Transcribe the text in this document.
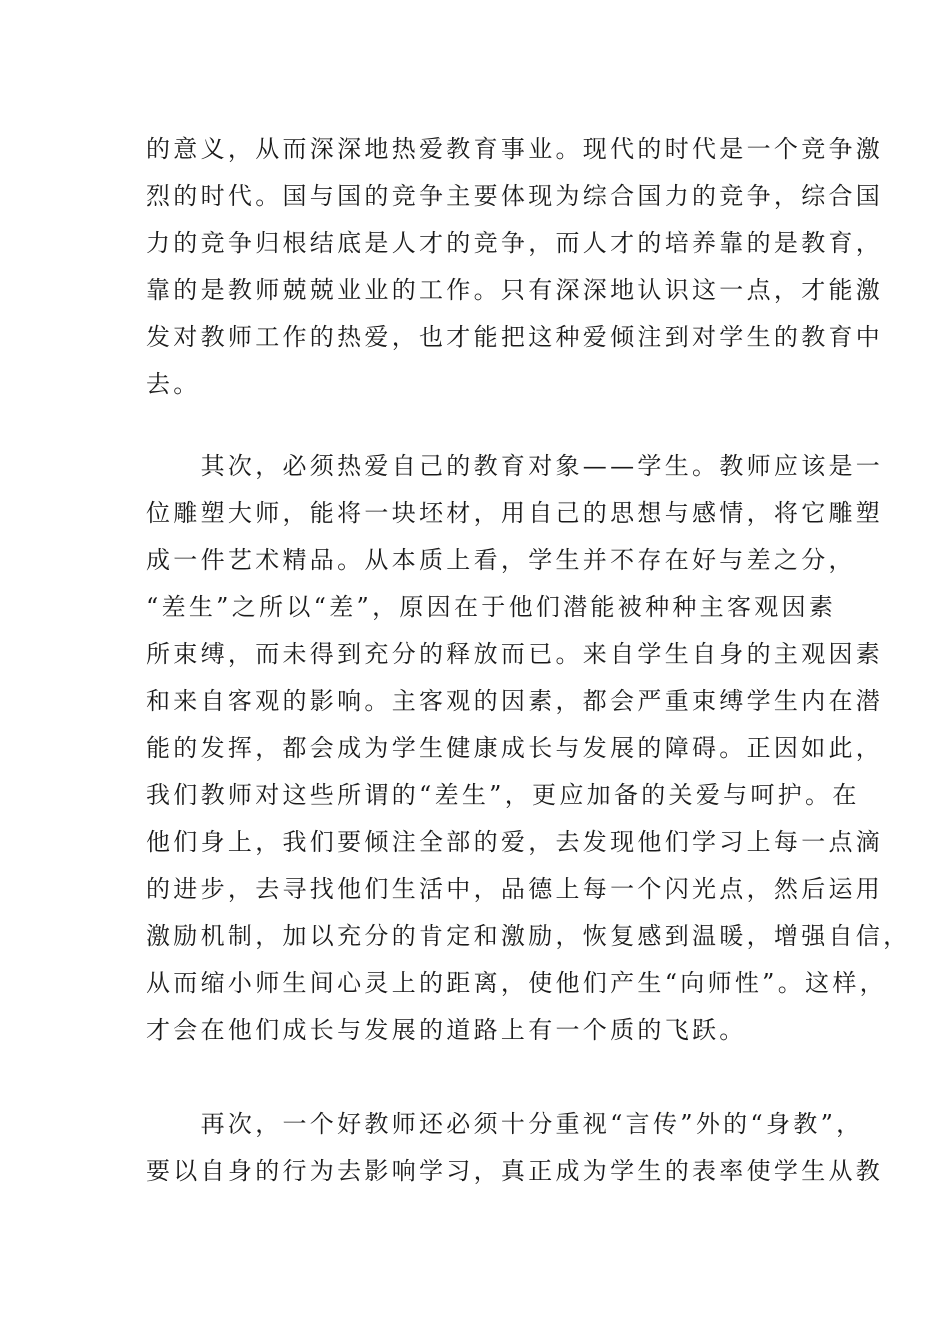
的意义，从而深深地热爱教育事业。现代的时代是一个竞争激
烈的时代。国与国的竞争主要体现为综合国力的竞争，综合国
力的竞争归根结底是人才的竞争，而人才的培养靠的是教育，
靠的是教师兢兢业业的工作。只有深深地认识这一点，才能激
发对教师工作的热爱，也才能把这种爱倾注到对学生的教育中
去。
　　其次，必须热爱自己的教育对象——学生。教师应该是一
位雕塑大师，能将一块坯材，用自己的思想与感情，将它雕塑
成一件艺术精品。从本质上看，学生并不存在好与差之分，
“差生”之所以“差”，原因在于他们潜能被种种主客观因素
所束缚，而未得到充分的释放而已。来自学生自身的主观因素
和来自客观的影响。主客观的因素，都会严重束缚学生内在潜
能的发挥，都会成为学生健康成长与发展的障碍。正因如此，
我们教师对这些所谓的“差生”，更应加备的关爱与呵护。在
他们身上，我们要倾注全部的爱，去发现他们学习上每一点滴
的进步，去寻找他们生活中，品德上每一个闪光点，然后运用
激励机制，加以充分的肯定和激励，恢复感到温暖，增强自信，
从而缩小师生间心灵上的距离，使他们产生“向师性”。这样，
才会在他们成长与发展的道路上有一个质的飞跃。
　　再次，一个好教师还必须十分重视“言传”外的“身教”，
要以自身的行为去影响学习，真正成为学生的表率使学生从教
